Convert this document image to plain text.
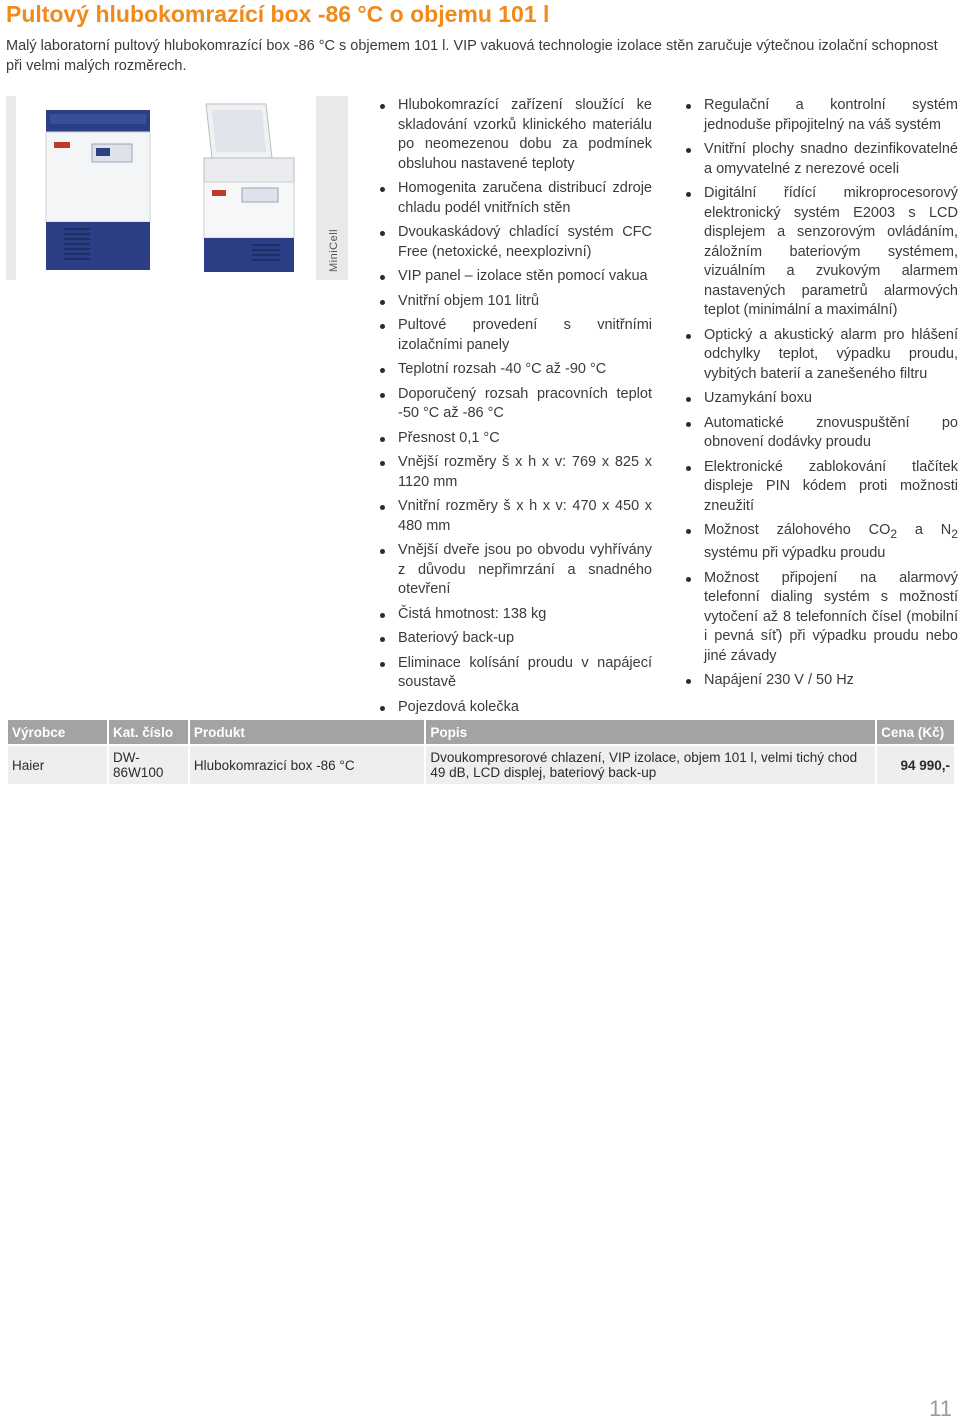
Pultový hlubokomrazící box -86 °C o objemu 101 l
Malý laboratorní pultový hlubokomrazící box -86 °C s objemem 101 l. VIP vakuová technologie izolace stěn zaručuje výtečnou izolační schopnost při velmi malých rozměrech.
MiniCell
Hlubokomrazící zařízení sloužící ke skladování vzorků klinického materiálu po neomezenou dobu za podmínek obsluhou nastavené teploty
Homogenita zaručena distribucí zdroje chladu podél vnitřních stěn
Dvoukaskádový chladící systém CFC Free (netoxické, neexplozivní)
VIP panel – izolace stěn pomocí vakua
Vnitřní objem 101 litrů
Pultové provedení s vnitřními izolačními panely
Teplotní rozsah -40 °C až -90 °C
Doporučený rozsah pracovních teplot -50 °C až -86 °C
Přesnost 0,1 °C
Vnější rozměry š x h x v: 769 x 825 x 1120 mm
Vnitřní rozměry š x h x v: 470 x 450 x 480 mm
Vnější dveře jsou po obvodu vyhřívány z důvodu nepřimrzání a snadného otevření
Čistá hmotnost: 138 kg
Bateriový back-up
Eliminace kolísání proudu v napájecí soustavě
Pojezdová kolečka
Regulační a kontrolní systém jednoduše připojitelný na váš systém
Vnitřní plochy snadno dezinfikovatelné a omyvatelné z nerezové oceli
Digitální řídící mikroprocesorový elektronický systém E2003 s LCD displejem a senzorovým ovládáním, záložním bateriovým systémem, vizuálním a zvukovým alarmem nastavených parametrů alarmových teplot (minimální a maximální)
Optický a akustický alarm pro hlášení odchylky teplot, výpadku proudu, vybitých baterií a zanešeného filtru
Uzamykání boxu
Automatické znovuspuštění po obnovení dodávky proudu
Elektronické zablokování tlačítek displeje PIN kódem proti možnosti zneužití
Možnost zálohového $CO_2$ a $N_2$ systému při výpadku proudu
Možnost připojení na alarmový telefonní dialing systém s možností vytočení až 8 telefonních čísel (mobilní i pevná síť) při výpadku proudu nebo jiné závady
Napájení 230 V / 50 Hz
Výrobce	Kat. číslo	Produkt	Popis	Cena (Kč)
Haier	DW-86W100	Hlubokomrazicí box -86 °C	Dvoukompresorové chlazení, VIP izolace, objem 101 l, velmi tichý chod 49 dB, LCD displej, bateriový back-up	94 990,-
11
